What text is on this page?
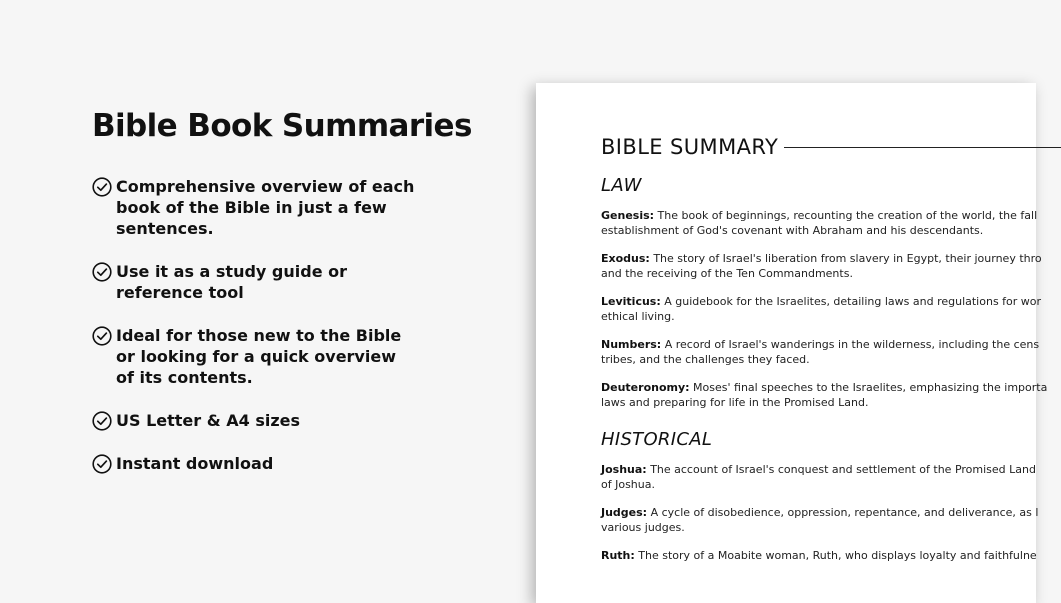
Bible Book Summaries
Comprehensive overview of each book of the Bible in just a few sentences.
Use it as a study guide or reference tool
Ideal for those new to the Bible or looking for a quick overview of its contents.
US Letter & A4 sizes
Instant download
BIBLE SUMMARY
LAW

Genesis: The book of beginnings, recounting the creation of the world, the fall
establishment of God's covenant with Abraham and his descendants.

Exodus: The story of Israel's liberation from slavery in Egypt, their journey thro
and the receiving of the Ten Commandments.

Leviticus: A guidebook for the Israelites, detailing laws and regulations for wor
ethical living.

Numbers: A record of Israel's wanderings in the wilderness, including the cens
tribes, and the challenges they faced.

Deuteronomy: Moses' final speeches to the Israelites, emphasizing the importa
laws and preparing for life in the Promised Land.

HISTORICAL

Joshua: The account of Israel's conquest and settlement of the Promised Land
of Joshua.

Judges: A cycle of disobedience, oppression, repentance, and deliverance, as l
various judges.

Ruth: The story of a Moabite woman, Ruth, who displays loyalty and faithfulne
